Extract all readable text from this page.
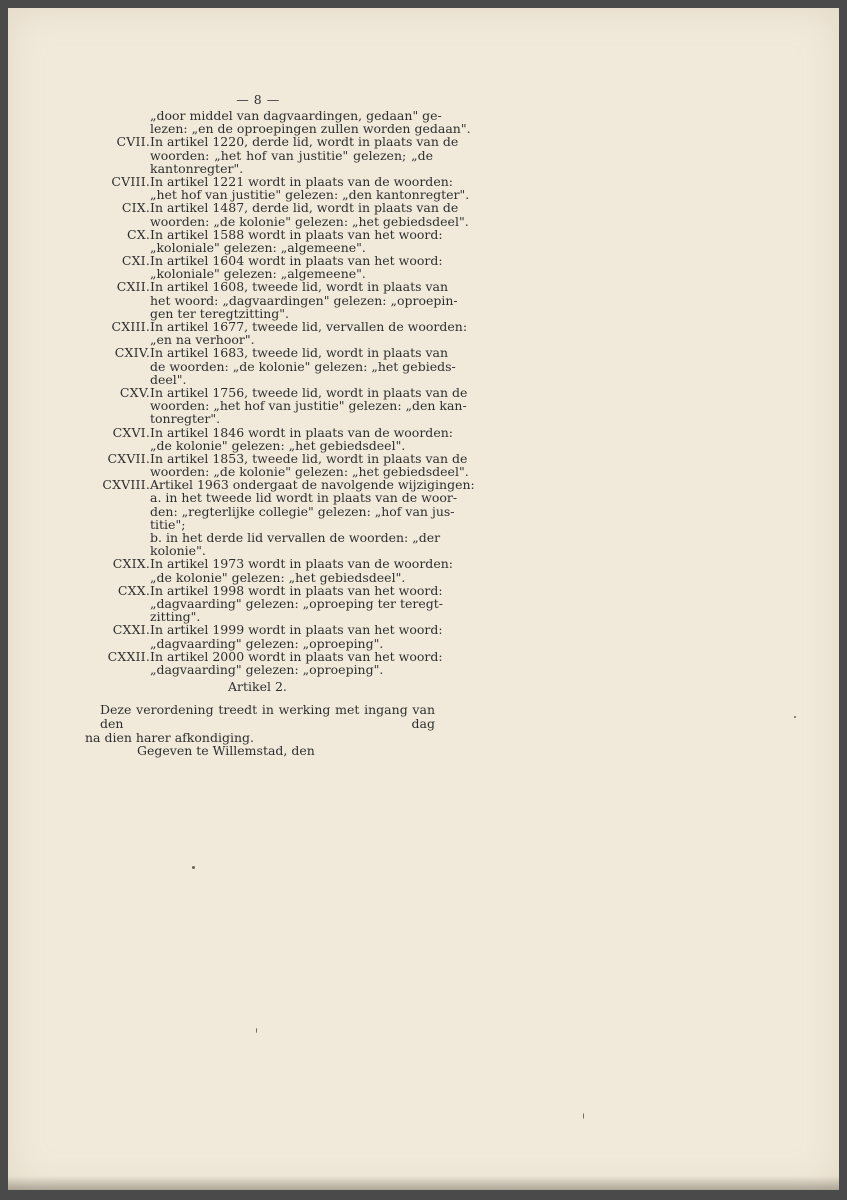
— 8 —
„door middel van dagvaardingen, gedaan" ge-
lezen: „en de oproepingen zullen worden gedaan".
CVII. In artikel 1220, derde lid, wordt in plaats van de
woorden: „het hof van justitie" gelezen; „de
kantonregter".
CVIII. In artikel 1221 wordt in plaats van de woorden:
„het hof van justitie" gelezen: „den kantonregter".
CIX. In artikel 1487, derde lid, wordt in plaats van de
woorden: „de kolonie" gelezen: „het gebiedsdeel".
CX. In artikel 1588 wordt in plaats van het woord:
„koloniale" gelezen: „algemeene".
CXI. In artikel 1604 wordt in plaats van het woord:
„koloniale" gelezen: „algemeene".
CXII. In artikel 1608, tweede lid, wordt in plaats van
het woord: „dagvaardingen" gelezen: „oproepin-
gen ter teregtzitting".
CXIII. In artikel 1677, tweede lid, vervallen de woorden:
„en na verhoor".
CXIV. In artikel 1683, tweede lid, wordt in plaats van
de woorden: „de kolonie" gelezen: „het gebieds-
deel".
CXV. In artikel 1756, tweede lid, wordt in plaats van de
woorden: „het hof van justitie" gelezen: „den kan-
tonregter".
CXVI. In artikel 1846 wordt in plaats van de woorden:
„de kolonie" gelezen: „het gebiedsdeel".
CXVII. In artikel 1853, tweede lid, wordt in plaats van de
woorden: „de kolonie" gelezen: „het gebiedsdeel".
CXVIII. Artikel 1963 ondergaat de navolgende wijzigingen:
a. in het tweede lid wordt in plaats van de woor-
den: „regterlijke collegie" gelezen: „hof van jus-
titie";
b. in het derde lid vervallen de woorden: „der
kolonie".
CXIX. In artikel 1973 wordt in plaats van de woorden:
„de kolonie" gelezen: „het gebiedsdeel".
CXX. In artikel 1998 wordt in plaats van het woord:
„dagvaarding" gelezen: „oproeping ter teregt-
zitting".
CXXI. In artikel 1999 wordt in plaats van het woord:
„dagvaarding" gelezen: „oproeping".
CXXII. In artikel 2000 wordt in plaats van het woord:
„dagvaarding" gelezen: „oproeping".
Artikel 2.
Deze verordening treedt in werking met ingang van den dag
na dien harer afkondiging.
Gegeven te Willemstad, den
